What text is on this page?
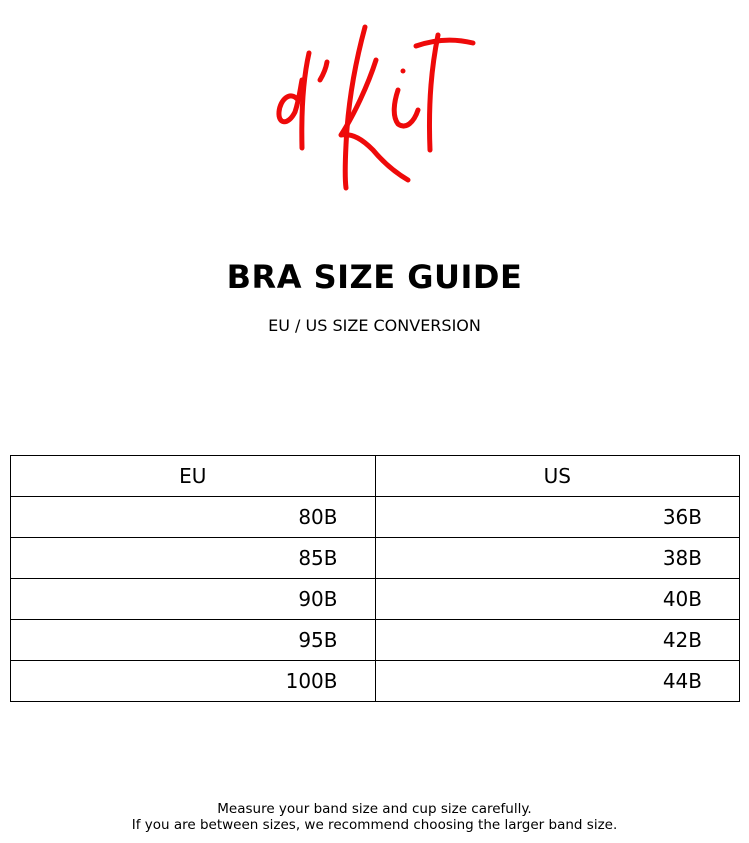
BRA SIZE GUIDE
EU / US SIZE CONVERSION
EU	US
80B	36B
85B	38B
90B	40B
95B	42B
100B	44B
Measure your band size and cup size carefully.
If you are between sizes, we recommend choosing the larger band size.
